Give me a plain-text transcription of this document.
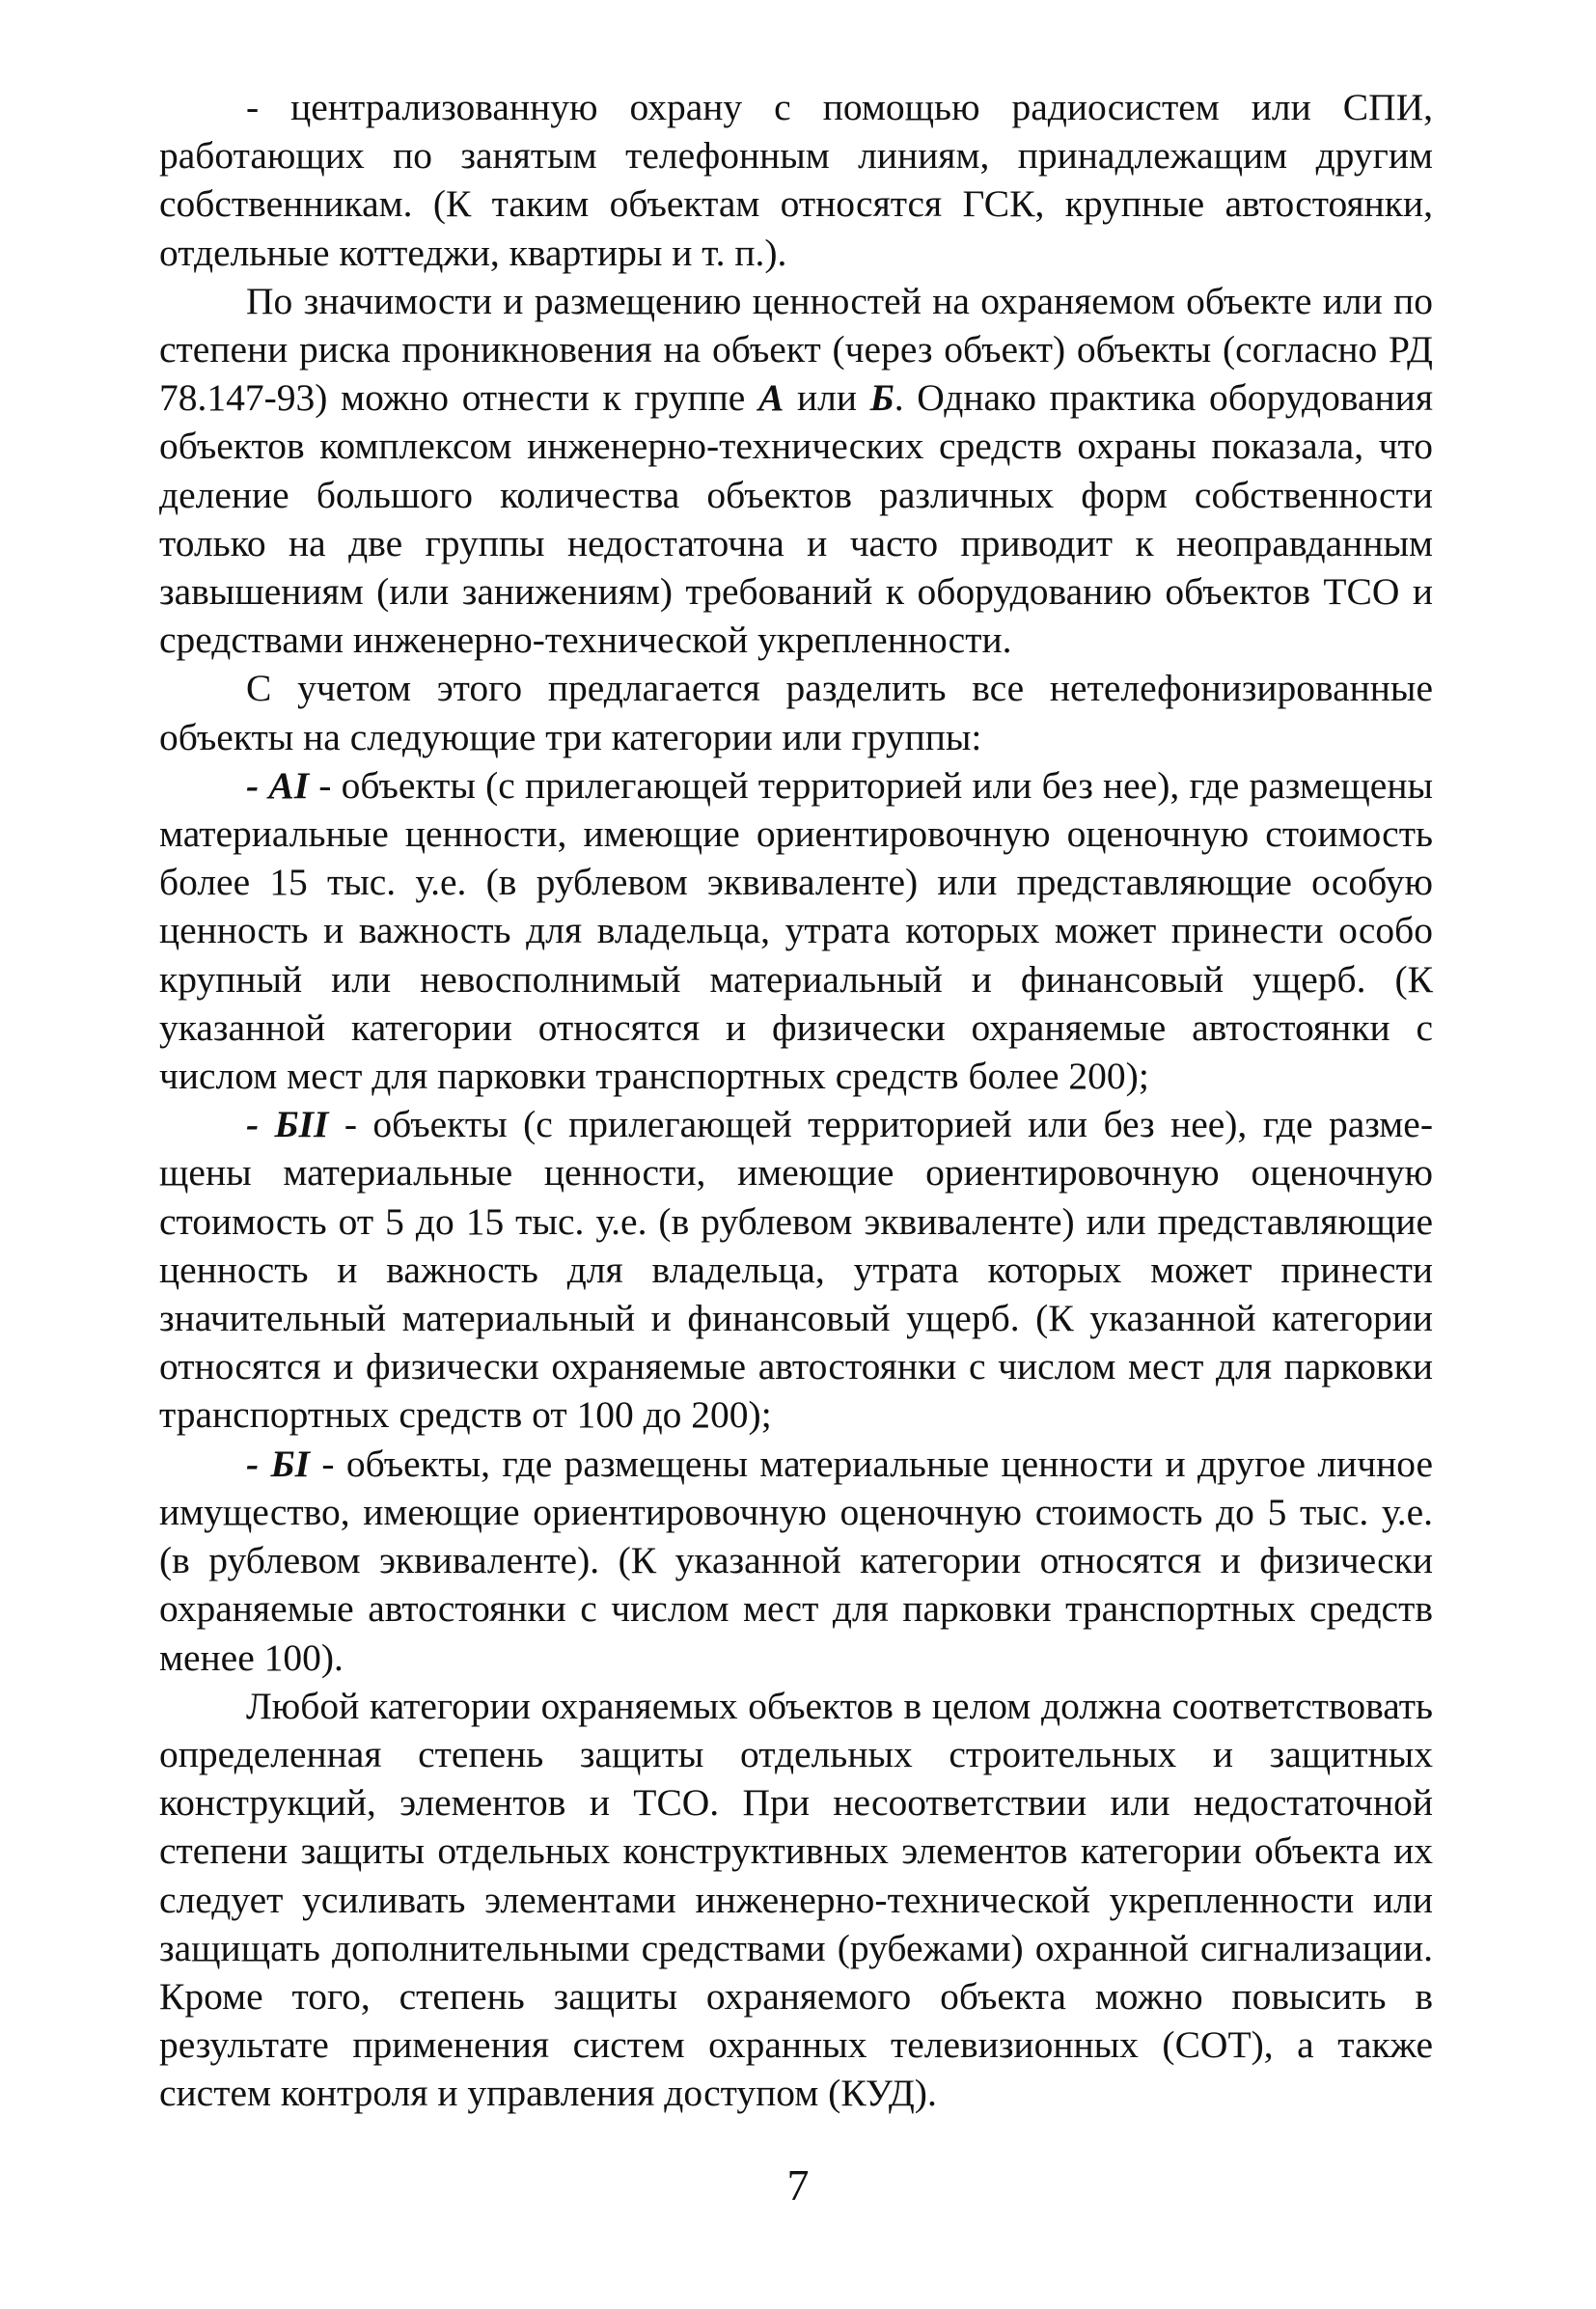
- централизованную охрану с помощью радиосистем или СПИ, работающих по занятым телефонным линиям, принадлежащим другим собственникам. (К таким объектам относятся ГСК, крупные автостоянки, отдельные коттеджи, квартиры и т. п.).

По значимости и размещению ценностей на охраняемом объекте или по степени риска проникновения на объект (через объект) объекты (согласно РД 78.147-93) можно отнести к группе А или Б. Однако практика оборудования объектов комплексом инженерно-технических средств охраны показала, что деление большого количества объектов различных форм собственности только на две группы недостаточна и часто приводит к неоправданным завышениям (или занижениям) требований к оборудованию объектов ТСО и средствами инженерно-технической укрепленности.

С учетом этого предлагается разделить все нетелефонизированные объекты на следующие три категории или группы:

- АI - объекты (с прилегающей территорией или без нее), где размещены материальные ценности, имеющие ориентировочную оценочную стоимость более 15 тыс. у.е. (в рублевом эквиваленте) или представляющие особую ценность и важность для владельца, утрата которых может принести особо крупный или невосполнимый материальный и финансовый ущерб. (К указанной категории относятся и физически охраняемые автостоянки с числом мест для парковки транспортных средств более 200);

- БII - объекты (с прилегающей территорией или без нее), где размещены материальные ценности, имеющие ориентировочную оценочную стоимость от 5 до 15 тыс. у.е. (в рублевом эквиваленте) или представляющие ценность и важность для владельца, утрата которых может принести значительный материальный и финансовый ущерб. (К указанной категории относятся и физически охраняемые автостоянки с числом мест для парковки транспортных средств от 100 до 200);

- БI - объекты, где размещены материальные ценности и другое личное имущество, имеющие ориентировочную оценочную стоимость до 5 тыс. у.е. (в рублевом эквиваленте). (К указанной категории относятся и физически охраняемые автостоянки с числом мест для парковки транспортных средств менее 100).

Любой категории охраняемых объектов в целом должна соответствовать определенная степень защиты отдельных строительных и защитных конструкций, элементов и ТСО. При несоответствии или недостаточной степени защиты отдельных конструктивных элементов категории объекта их следует усиливать элементами инженерно-технической укрепленности или защищать дополнительными средствами (рубежами) охранной сигнализации. Кроме того, степень защиты охраняемого объекта можно повысить в результате применения систем охранных телевизионных (СОТ), а также систем контроля и управления доступом (КУД).

7
